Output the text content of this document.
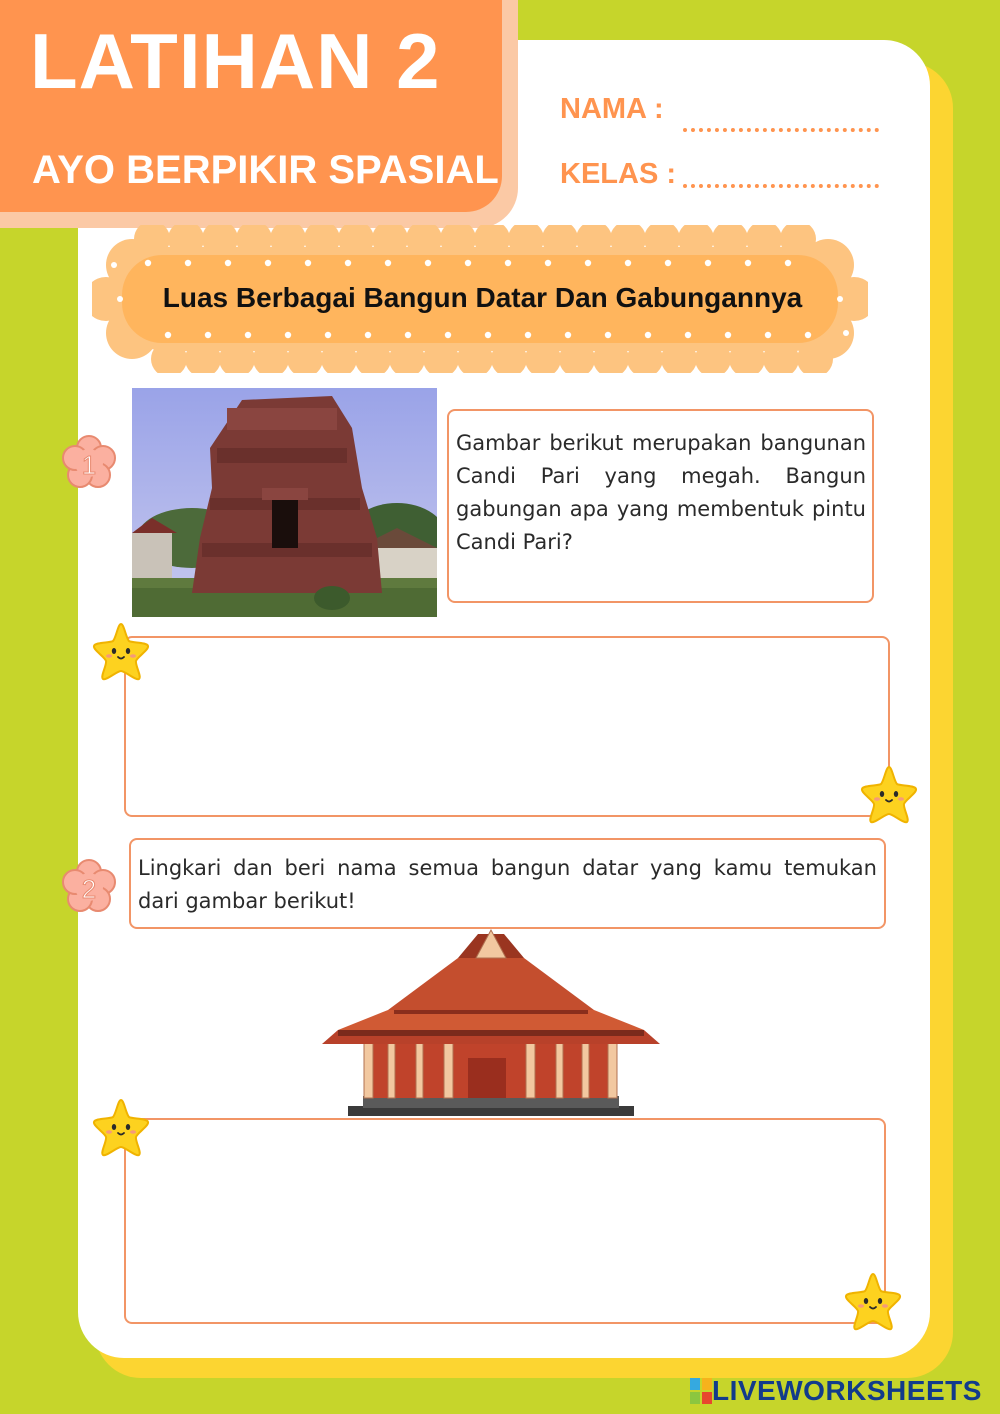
LATIHAN 2
AYO BERPIKIR SPASIAL
NAMA :
KELAS :
Luas Berbagai Bangun Datar Dan Gabungannya
1

Gambar berikut merupakan bangunan Candi Pari yang megah. Bangun gabungan apa yang membentuk pintu Candi Pari?

2

Lingkari dan beri nama semua bangun datar yang kamu temukan dari gambar berikut!

LIVEWORKSHEETS
